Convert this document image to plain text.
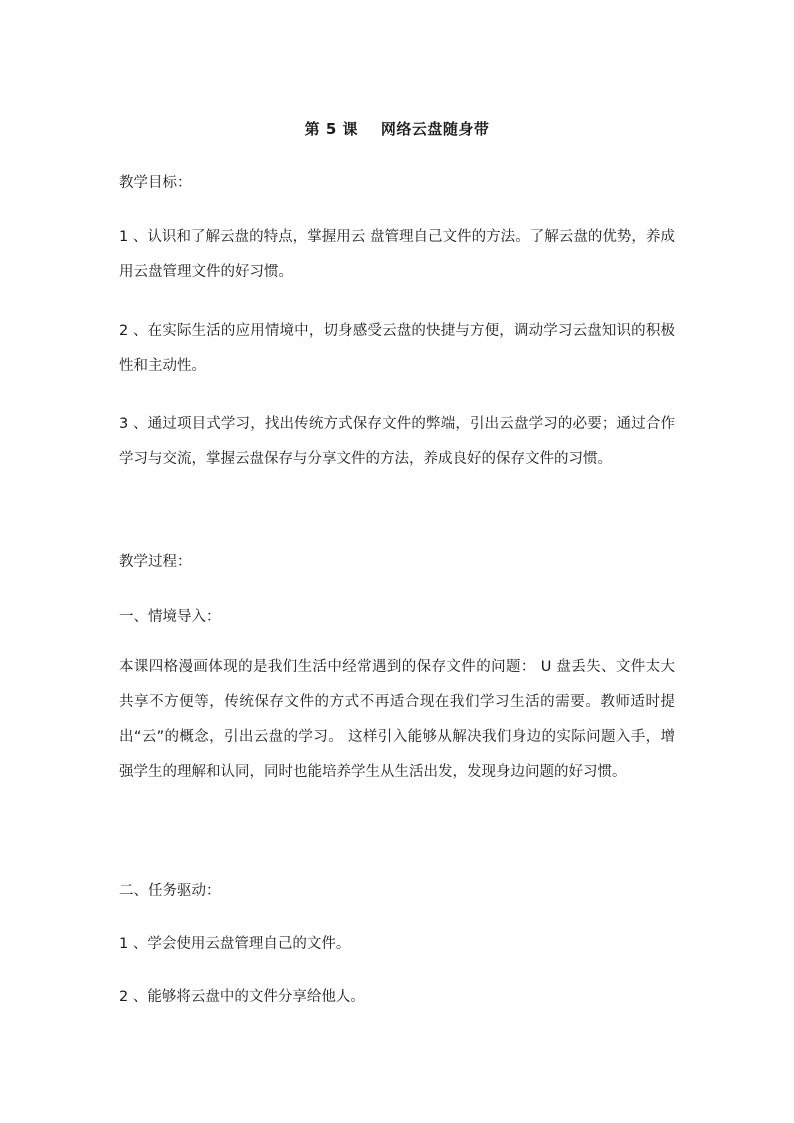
第 5 课    网络云盘随身带

教学目标：

1 、认识和了解云盘的特点，掌握用云 盘管理自己文件的方法。了解云盘的优势，养成用云盘管理文件的好习惯。

2 、在实际生活的应用情境中，切身感受云盘的快捷与方便，调动学习云盘知识的积极性和主动性。

3 、通过项目式学习，找出传统方式保存文件的弊端，引出云盘学习的必要；通过合作学习与交流，掌握云盘保存与分享文件的方法，养成良好的保存文件的习惯。

教学过程：

一、情境导入：

本课四格漫画体现的是我们生活中经常遇到的保存文件的问题： U 盘丢失、文件太大共享不方便等，传统保存文件的方式不再适合现在我们学习生活的需要。教师适时提出“云”的概念，引出云盘的学习。 这样引入能够从解决我们身边的实际问题入手，增强学生的理解和认同，同时也能培养学生从生活出发，发现身边问题的好习惯。

二、任务驱动：

1 、学会使用云盘管理自己的文件。

2 、能够将云盘中的文件分享给他人。
